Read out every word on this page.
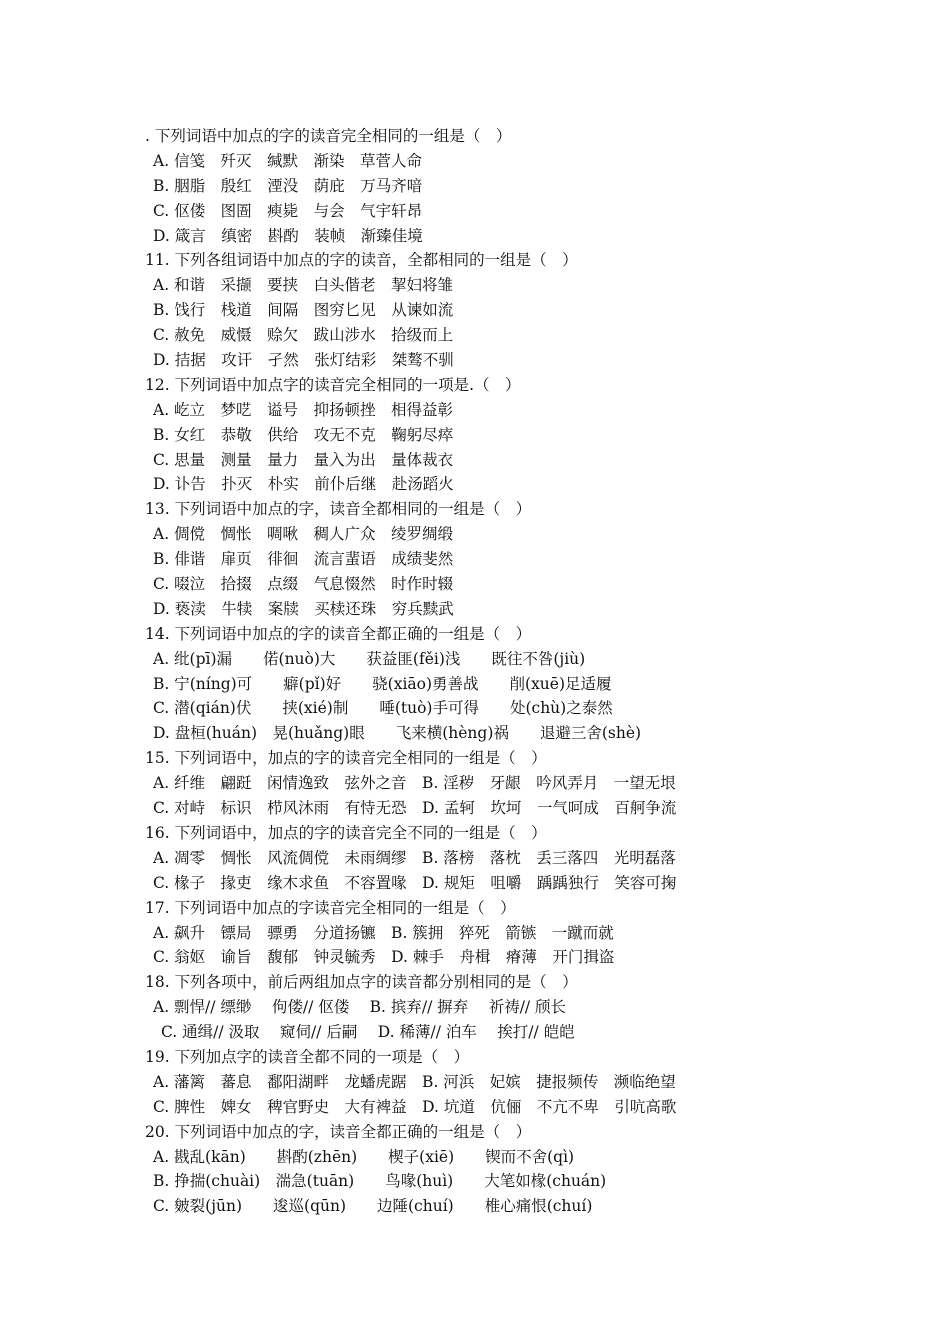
. 下列词语中加点的字的读音完全相同的一组是（　）
A. 信笺　歼灭　缄默　渐染　草菅人命
B. 胭脂　殷红　湮没　荫庇　万马齐喑
C. 伛偻　图圄　瘐毙　与会　气宇轩昂
D. 箴言　缜密　斟酌　装帧　渐臻佳境
11. 下列各组词语中加点的字的读音，全都相同的一组是（　）
A. 和谐　采撷　要挟　白头偕老　挈妇将雏
B. 饯行　栈道　间隔　图穷匕见　从谏如流
C. 赦免　威慑　赊欠　跋山涉水　拾级而上
D. 拮据　攻讦　孑然　张灯结彩　桀骜不驯
12. 下列词语中加点字的读音完全相同的一项是.（　）
A. 屹立　梦呓　谥号　抑扬顿挫　相得益彰
B. 女红　恭敬　供给　攻无不克　鞠躬尽瘁
C. 思量　测量　量力　量入为出　量体裁衣
D. 讣告　扑灭　朴实　前仆后继　赴汤蹈火
13. 下列词语中加点的字，读音全都相同的一组是（　）
A. 倜傥　惆怅　啁啾　稠人广众　绫罗绸缎
B. 俳谐　扉页　徘徊　流言蜚语　成绩斐然
C. 啜泣　拾掇　点缀　气息惙然　时作时辍
D. 亵渎　牛犊　案牍　买椟还珠　穷兵黩武
14. 下列词语中加点的字的读音全都正确的一组是（　）
A. 纰(pī)漏　　偌(nuò)大　　获益匪(fěi)浅　　既往不咎(jiù)
B. 宁(níng)可　　癖(pǐ)好　　骁(xiāo)勇善战　　削(xuē)足适履
C. 潜(qián)伏　　挟(xié)制　　唾(tuò)手可得　　处(chù)之泰然
D. 盘桓(huán)　晃(huǎng)眼　　飞来横(hèng)祸　　退避三舍(shè)
15. 下列词语中，加点的字的读音完全相同的一组是（　）
A. 纤维　翩跹　闲情逸致　弦外之音　B. 淫秽　牙龈　吟风弄月　一望无垠
C. 对峙　标识　栉风沐雨　有恃无恐　D. 孟轲　坎坷　一气呵成　百舸争流
16. 下列词语中，加点的字的读音完全不同的一组是（　）
A. 凋零　惆怅　风流倜傥　未雨绸缪　B. 落榜　落枕　丢三落四　光明磊落
C. 椽子　掾吏　缘木求鱼　不容置喙　D. 规矩　咀嚼　踽踽独行　笑容可掬
17. 下列词语中加点的字读音完全相同的一组是（　）
A. 飙升　镖局　骠勇　分道扬镳　B. 簇拥　猝死　箭镞　一蹴而就
C. 翁妪　谕旨　馥郁　钟灵毓秀　D. 棘手　舟楫　瘠薄　开门揖盗
18. 下列各项中，前后两组加点字的读音都分别相同的是（　）
A. 剽悍// 缥缈　 佝偻// 伛偻　 B. 摈弃// 摒弃　 祈祷// 颀长
C. 通缉// 汲取　 窥伺// 后嗣　 D. 稀薄// 泊车　 挨打// 皑皑
19. 下列加点字的读音全都不同的一项是（　）
A. 藩篱　蕃息　鄱阳湖畔　龙蟠虎踞　B. 河浜　妃嫔　捷报频传　濒临绝望
C. 脾性　婢女　稗官野史　大有裨益　D. 坑道　伉俪　不亢不卑　引吭高歌
20. 下列词语中加点的字，读音全都正确的一组是（　）
A. 戡乱(kān)　　斟酌(zhēn)　　楔子(xiē)　　锲而不舍(qì)
B. 挣揣(chuài)　湍急(tuān)　　鸟喙(huì)　　大笔如椽(chuán)
C. 皴裂(jūn)　　逡巡(qūn)　　边陲(chuí)　　椎心痛恨(chuí)
